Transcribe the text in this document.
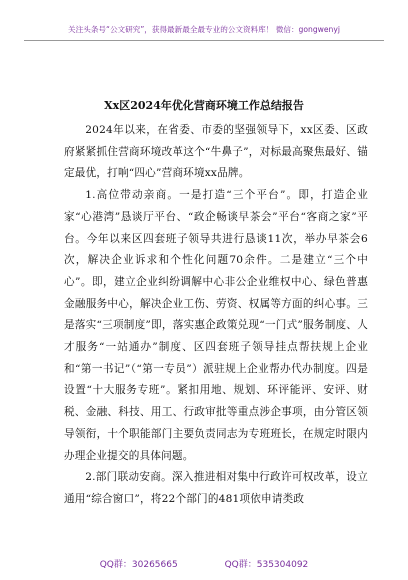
关注头条号“公文研究”，获得最新最全最专业的公文资料库！ 微信：gongwenyj
Xx区2024年优化营商环境工作总结报告

2024年以来，在省委、市委的坚强领导下，xx区委、区政府紧紧抓住营商环境改革这个“牛鼻子”，对标最高聚焦最好、锚定最优，打响“四心”营商环境xx品牌。

1.高位带动亲商。一是打造“三个平台”。即，打造企业家“心港湾”恳谈厅平台、“政企畅谈早茶会”平台“客商之家”平台。今年以来区四套班子领导共进行恳谈11次，举办早茶会6次，解决企业诉求和个性化问题70余件。二是建立“三个中心”。即，建立企业纠纷调解中心非公企业维权中心、绿色普惠金融服务中心，解决企业工伤、劳资、权属等方面的纠心事。三是落实“三项制度”即，落实惠企政策兑现“一门式”服务制度、人才服务“一站通办”制度、区四套班子领导挂点帮扶规上企业和“第一书记”（“第一专员”）派驻规上企业帮办代办制度。四是设置“十大服务专班”。紧扣用地、规划、环评能评、安评、财税、金融、科技、用工、行政审批等重点涉企事项，由分管区领导领衔，十个职能部门主要负责同志为专班班长，在规定时限内办理企业提交的具体问题。

2.部门联动安商。深入推进相对集中行政许可权改革，设立通用“综合窗口”，将22个部门的481项依申请类政

QQ群：30265665	QQ群：535304092
